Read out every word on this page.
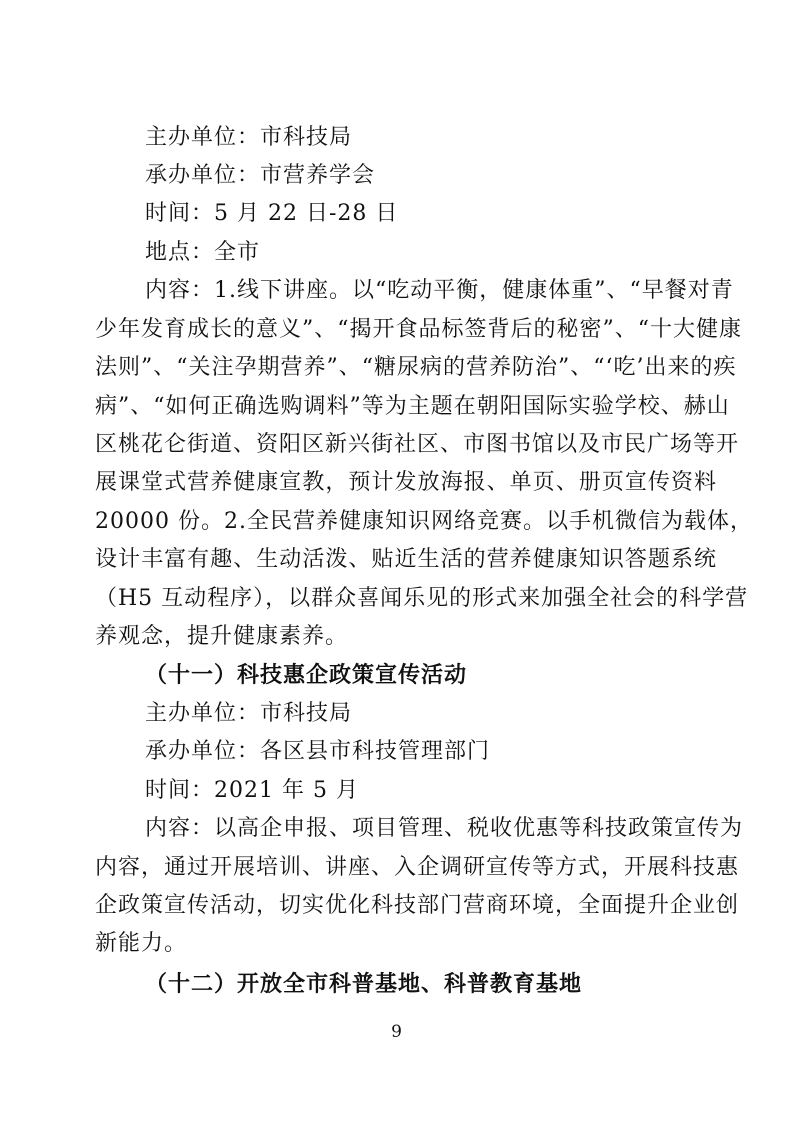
主办单位：市科技局
承办单位：市营养学会
时间：5 月 22 日-28 日
地点：全市
内容：1.线下讲座。以“吃动平衡，健康体重”、“早餐对青
少年发育成长的意义”、“揭开食品标签背后的秘密”、“十大健康
法则”、“关注孕期营养”、“糖尿病的营养防治”、“‘吃’出来的疾
病”、“如何正确选购调料”等为主题在朝阳国际实验学校、赫山
区桃花仑街道、资阳区新兴街社区、市图书馆以及市民广场等开
展课堂式营养健康宣教，预计发放海报、单页、册页宣传资料
20000 份。2.全民营养健康知识网络竞赛。以手机微信为载体，
设计丰富有趣、生动活泼、贴近生活的营养健康知识答题系统
（H5 互动程序），以群众喜闻乐见的形式来加强全社会的科学营
养观念，提升健康素养。
（十一）科技惠企政策宣传活动
主办单位：市科技局
承办单位：各区县市科技管理部门
时间：2021 年 5 月
内容：以高企申报、项目管理、税收优惠等科技政策宣传为
内容，通过开展培训、讲座、入企调研宣传等方式，开展科技惠
企政策宣传活动，切实优化科技部门营商环境，全面提升企业创
新能力。
（十二）开放全市科普基地、科普教育基地
9
